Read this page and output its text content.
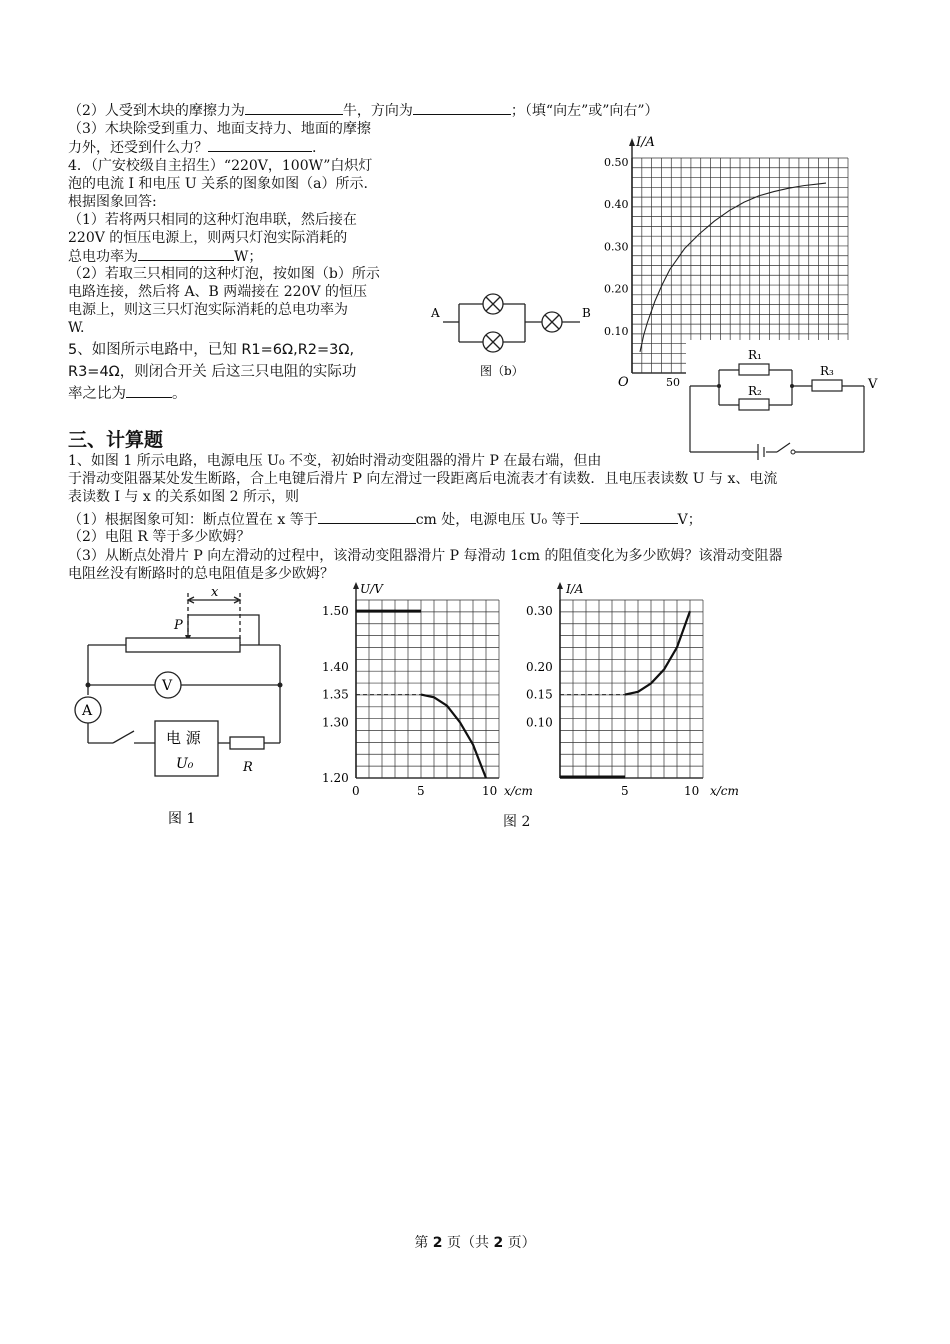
（2）人受到木块的摩擦力为	牛，方向为	；（填“向左”或”向右”）
（3）木块除受到重力、地面支持力、地面的摩擦
力外，还受到什么力？	.
4．（广安校级自主招生）“220V，100W”白炽灯
泡的电流 I 和电压 U 关系的图象如图（a）所示.
根据图象回答:
（1）若将两只相同的这种灯泡串联，然后接在
220V 的恒压电源上，则两只灯泡实际消耗的
总电功率为	W；
（2）若取三只相同的这种灯泡，按如图（b）所示
电路连接，然后将 A、B 两端接在 220V 的恒压
电源上，则这三只灯泡实际消耗的总电功率为
W.
5、如图所示电路中，已知 R1=6Ω,R2=3Ω,
R3=4Ω，则闭合开关 后这三只电阻的实际功
率之比为	。
A	B
图（b）
I/A
0.50
0.40
0.30
0.20
0.10
O	50
R₁
R₂
R₃
V
三、计算题
1、如图 1 所示电路，电源电压 U₀ 不变，初始时滑动变阻器的滑片 P 在最右端，但由
于滑动变阻器某处发生断路，合上电键后滑片 P 向左滑过一段距离后电流表才有读数．且电压表读数 U 与 x、电流
表读数 I 与 x 的关系如图 2 所示，则
（1）根据图象可知：断点位置在 x 等于	cm 处，电源电压 U₀ 等于	V；
（2）电阻 R 等于多少欧姆？
（3）从断点处滑片 P 向左滑动的过程中，该滑动变阻器滑片 P 每滑动 1cm 的阻值变化为多少欧姆？该滑动变阻器
电阻丝没有断路时的总电阻值是多少欧姆？
V
A
电 源
U₀	R
P
x
图 1
U/V
1.50
1.40
1.35
1.30
1.20
0	5	10 x/cm
I/A
0.30
0.20
0.15
0.10
5	10 x/cm
图 2
第 2 页（共 2 页）
